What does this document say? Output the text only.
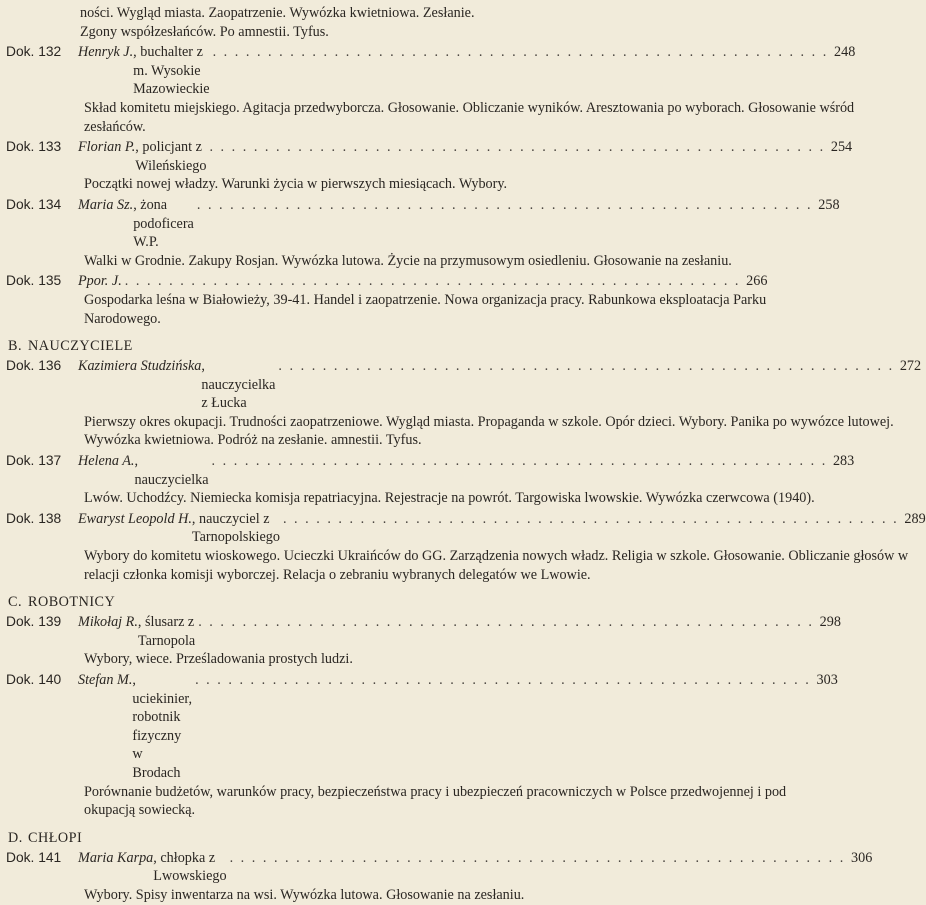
ności. Wygląd miasta. Zaopatrzenie. Wywózka kwietniowa. Zesłanie. Zgony współzesłańców. Po amnestii. Tyfus.
Dok. 132	Henryk J. , buchalter z m. Wysokie Mazowieckie
. . .
248
Skład komitetu miejskiego. Agitacja przedwyborcza. Głosowanie. Obliczanie wyników. Aresztowania po wyborach. Głosowanie wśród zesłańców.
Dok. 133	Florian P. , policjant z Wileńskiego
. . .
254
Początki nowej władzy. Warunki życia w pierwszych miesiącach. Wybory.
Dok. 134	Maria Sz. , żona podoficera W.P.
. . .
258
Walki w Grodnie. Zakupy Rosjan. Wywózka lutowa. Życie na przymusowym osiedleniu. Głosowanie na zesłaniu.
Dok. 135	Ppor. J.
. . .	266
Gospodarka leśna w Białowieży, 39-41. Handel i zaopatrzenie. Nowa organizacja pracy. Rabunkowa eksploatacja Parku Narodowego.
B. NAUCZYCIELE
Dok. 136	Kazimiera Studzińska , nauczycielka z Łucka
. . .
272
Pierwszy okres okupacji. Trudności zaopatrzeniowe. Wygląd miasta. Propaganda w szkole. Opór dzieci. Wybory. Panika po wywózce lutowej. Wywózka kwietniowa. Podróż na zesłanie. amnestii. Tyfus.
Dok. 137	Helena A. , nauczycielka
. . .
283
Lwów. Uchodźcy. Niemiecka komisja repatriacyjna. Rejestracje na powrót. Targowiska lwowskie. Wywózka czerwcowa (1940).
Dok. 138	Ewaryst Leopold H. , nauczyciel z Tarnopolskiego
. . .
289
Wybory do komitetu wioskowego. Ucieczki Ukraińców do GG. Zarządzenia nowych władz. Religia w szkole. Głosowanie. Obliczanie głosów w relacji członka komisji wyborczej. Relacja o zebraniu wybranych delegatów we Lwowie.
C. ROBOTNICY
Dok. 139	Mikołaj R. , ślusarz z Tarnopola
. . .
298
Wybory, wiece. Prześladowania prostych ludzi.
Dok. 140	Stefan M. , uciekinier, robotnik fizyczny w Brodach
. . .
303
Porównanie budżetów, warunków pracy, bezpieczeństwa pracy i ubezpieczeń pracowniczych w Polsce przedwojennej i pod okupacją sowiecką.
D. CHŁOPI
Dok. 141	Maria Karpa , chłopka z Lwowskiego
. . .
306
Wybory. Spisy inwentarza na wsi. Wywózka lutowa. Głosowanie na zesłaniu.
